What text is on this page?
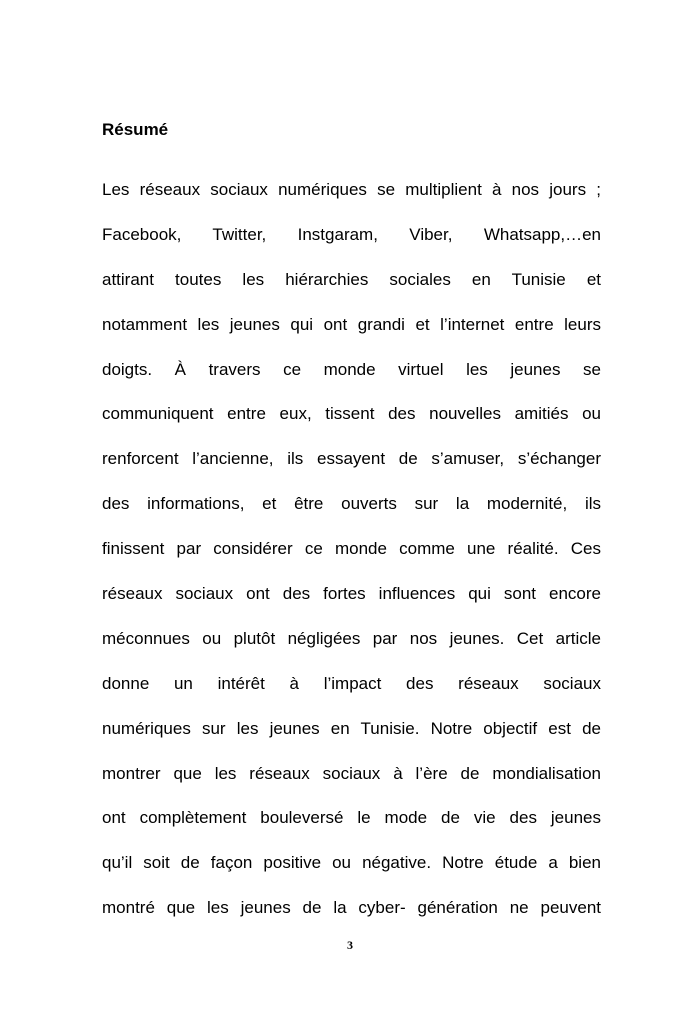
Résumé
Les réseaux sociaux numériques se multiplient à nos jours ;
Facebook, Twitter, Instgaram, Viber, Whatsapp,…en
attirant toutes les hiérarchies sociales en Tunisie et
notamment les jeunes qui ont grandi et l’internet entre leurs
doigts. À travers ce monde virtuel les jeunes se
communiquent entre eux, tissent des nouvelles amitiés ou
renforcent l’ancienne, ils essayent de s’amuser, s’échanger
des informations, et être ouverts sur la modernité, ils
finissent par considérer ce monde comme une réalité. Ces
réseaux sociaux ont des fortes influences qui sont encore
méconnues ou plutôt négligées par nos jeunes. Cet article
donne un intérêt à l’impact des réseaux sociaux
numériques sur les jeunes en Tunisie. Notre objectif est de
montrer que les réseaux sociaux à l’ère de mondialisation
ont complètement bouleversé le mode de vie des jeunes
qu’il soit de façon positive ou négative. Notre étude a bien
montré que les jeunes de la cyber- génération ne peuvent
3
